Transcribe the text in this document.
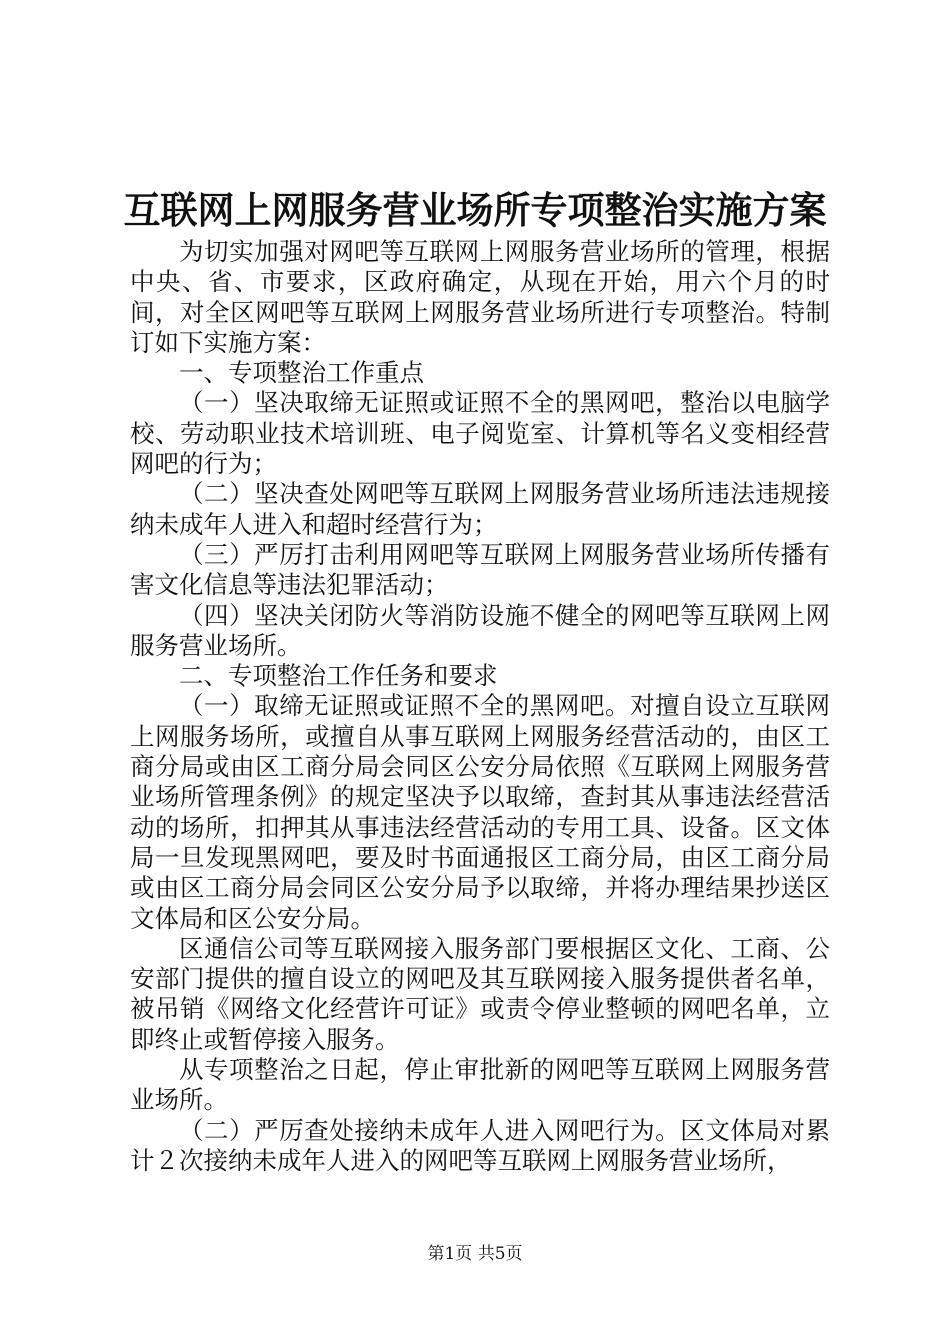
互联网上网服务营业场所专项整治实施方案

为切实加强对网吧等互联网上网服务营业场所的管理，根据中央、省、市要求，区政府确定，从现在开始，用六个月的时间，对全区网吧等互联网上网服务营业场所进行专项整治。特制订如下实施方案：

一、专项整治工作重点

（一）坚决取缔无证照或证照不全的黑网吧，整治以电脑学校、劳动职业技术培训班、电子阅览室、计算机等名义变相经营网吧的行为；

（二）坚决查处网吧等互联网上网服务营业场所违法违规接纳未成年人进入和超时经营行为；

（三）严厉打击利用网吧等互联网上网服务营业场所传播有害文化信息等违法犯罪活动；

（四）坚决关闭防火等消防设施不健全的网吧等互联网上网服务营业场所。

二、专项整治工作任务和要求

（一）取缔无证照或证照不全的黑网吧。对擅自设立互联网上网服务场所，或擅自从事互联网上网服务经营活动的，由区工商分局或由区工商分局会同区公安分局依照《互联网上网服务营业场所管理条例》的规定坚决予以取缔，查封其从事违法经营活动的场所，扣押其从事违法经营活动的专用工具、设备。区文体局一旦发现黑网吧，要及时书面通报区工商分局，由区工商分局或由区工商分局会同区公安分局予以取缔，并将办理结果抄送区文体局和区公安分局。

区通信公司等互联网接入服务部门要根据区文化、工商、公安部门提供的擅自设立的网吧及其互联网接入服务提供者名单，被吊销《网络文化经营许可证》或责令停业整顿的网吧名单，立即终止或暂停接入服务。

从专项整治之日起，停止审批新的网吧等互联网上网服务营业场所。

（二）严厉查处接纳未成年人进入网吧行为。区文体局对累计２次接纳未成年人进入的网吧等互联网上网服务营业场所，

第1页 共5页
